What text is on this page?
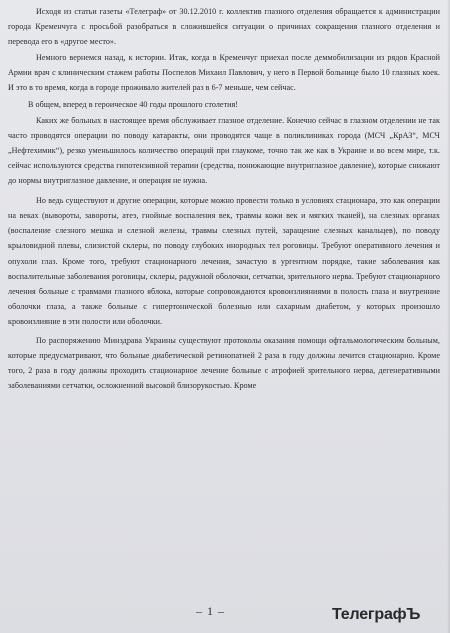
Исходя из статьи газеты «Телеграф» от 30.12.2010 г. коллектив глазного отделения обращается к администрации города Кременчуга с просьбой разобраться в сложившейся ситуации о причинах сокращения глазного отделения и перевода его в «другое место».

Немного вернемся назад, к истории. Итак, когда в Кременчуг приехал после деммобилизации из рядов Красной Армии врач с клиническим стажем работы Поспелов Михаил Павлович, у него в Первой больнице было 10 глазных коек. И это в то время, когда в городе проживало жителей раз в 6-7 меньше, чем сейчас.

В общем, вперед в героическое 40 годы прошлого столетия!

Каких же больных в настоящее время обслуживает глазное отделение. Конечно сейчас в глазном отделении не так часто проводятся операции по поводу катаракты, они проводятся чаще в поликлиниках города (МСЧ „КрАЗ“, МСЧ „Нефтехимик“), резко уменьшилось количество операций при глаукоме, точно так же как в Украине и во всем мире, т.к. сейчас используются средства гипотензивной терапии (средства, понижающие внутриглазное давление), которые снижают до нормы внутриглазное давление, и операция не нужна.

Но ведь существуют и другие операции, которые можно провести только в условиях стационара, это как операции на веках (вывороты, завороты, атеэ, гнойные воспаления век, травмы кожи век и мягких тканей), на слезных органах (воспаление слезного мешка и слезной железы, травмы слезных путей, заращение слезных канальцев), по поводу крыловидной плевы, слизистой склеры, по поводу глубоких инородных тел роговицы. Требуют оперативного лечения и опухоли глаз. Кроме того, требуют стационарного лечения, зачастую в ургентном порядке, такие заболевания как воспалительные заболевания роговицы, склеры, радужной оболочки, сетчатки, зрительного нерва. Требуют стационарного лечения больные с травмами глазного яблока, которые сопровождаются кровоизлияниями в полость глаза и внутренние оболочки глаза, а также больные с гипертонической болезнью или сахарным диабетом, у которых произошло кровоизлияние в эти полости или оболочки.

По распоряжению Минздрава Украины существуют протоколы оказания помощи офтальмологическим больным, которые предусматривают, что больные диабетической ретинопатией 2 раза в году должны лечится стационарно. Кроме того, 2 раза в году должны проходить стационарное лечение больные с атрофией зрительного нерва, дегенеративными заболеваниями сетчатки, осложненной высокой близорукостью. Кроме

– 1 –	ТелеграфЪ
